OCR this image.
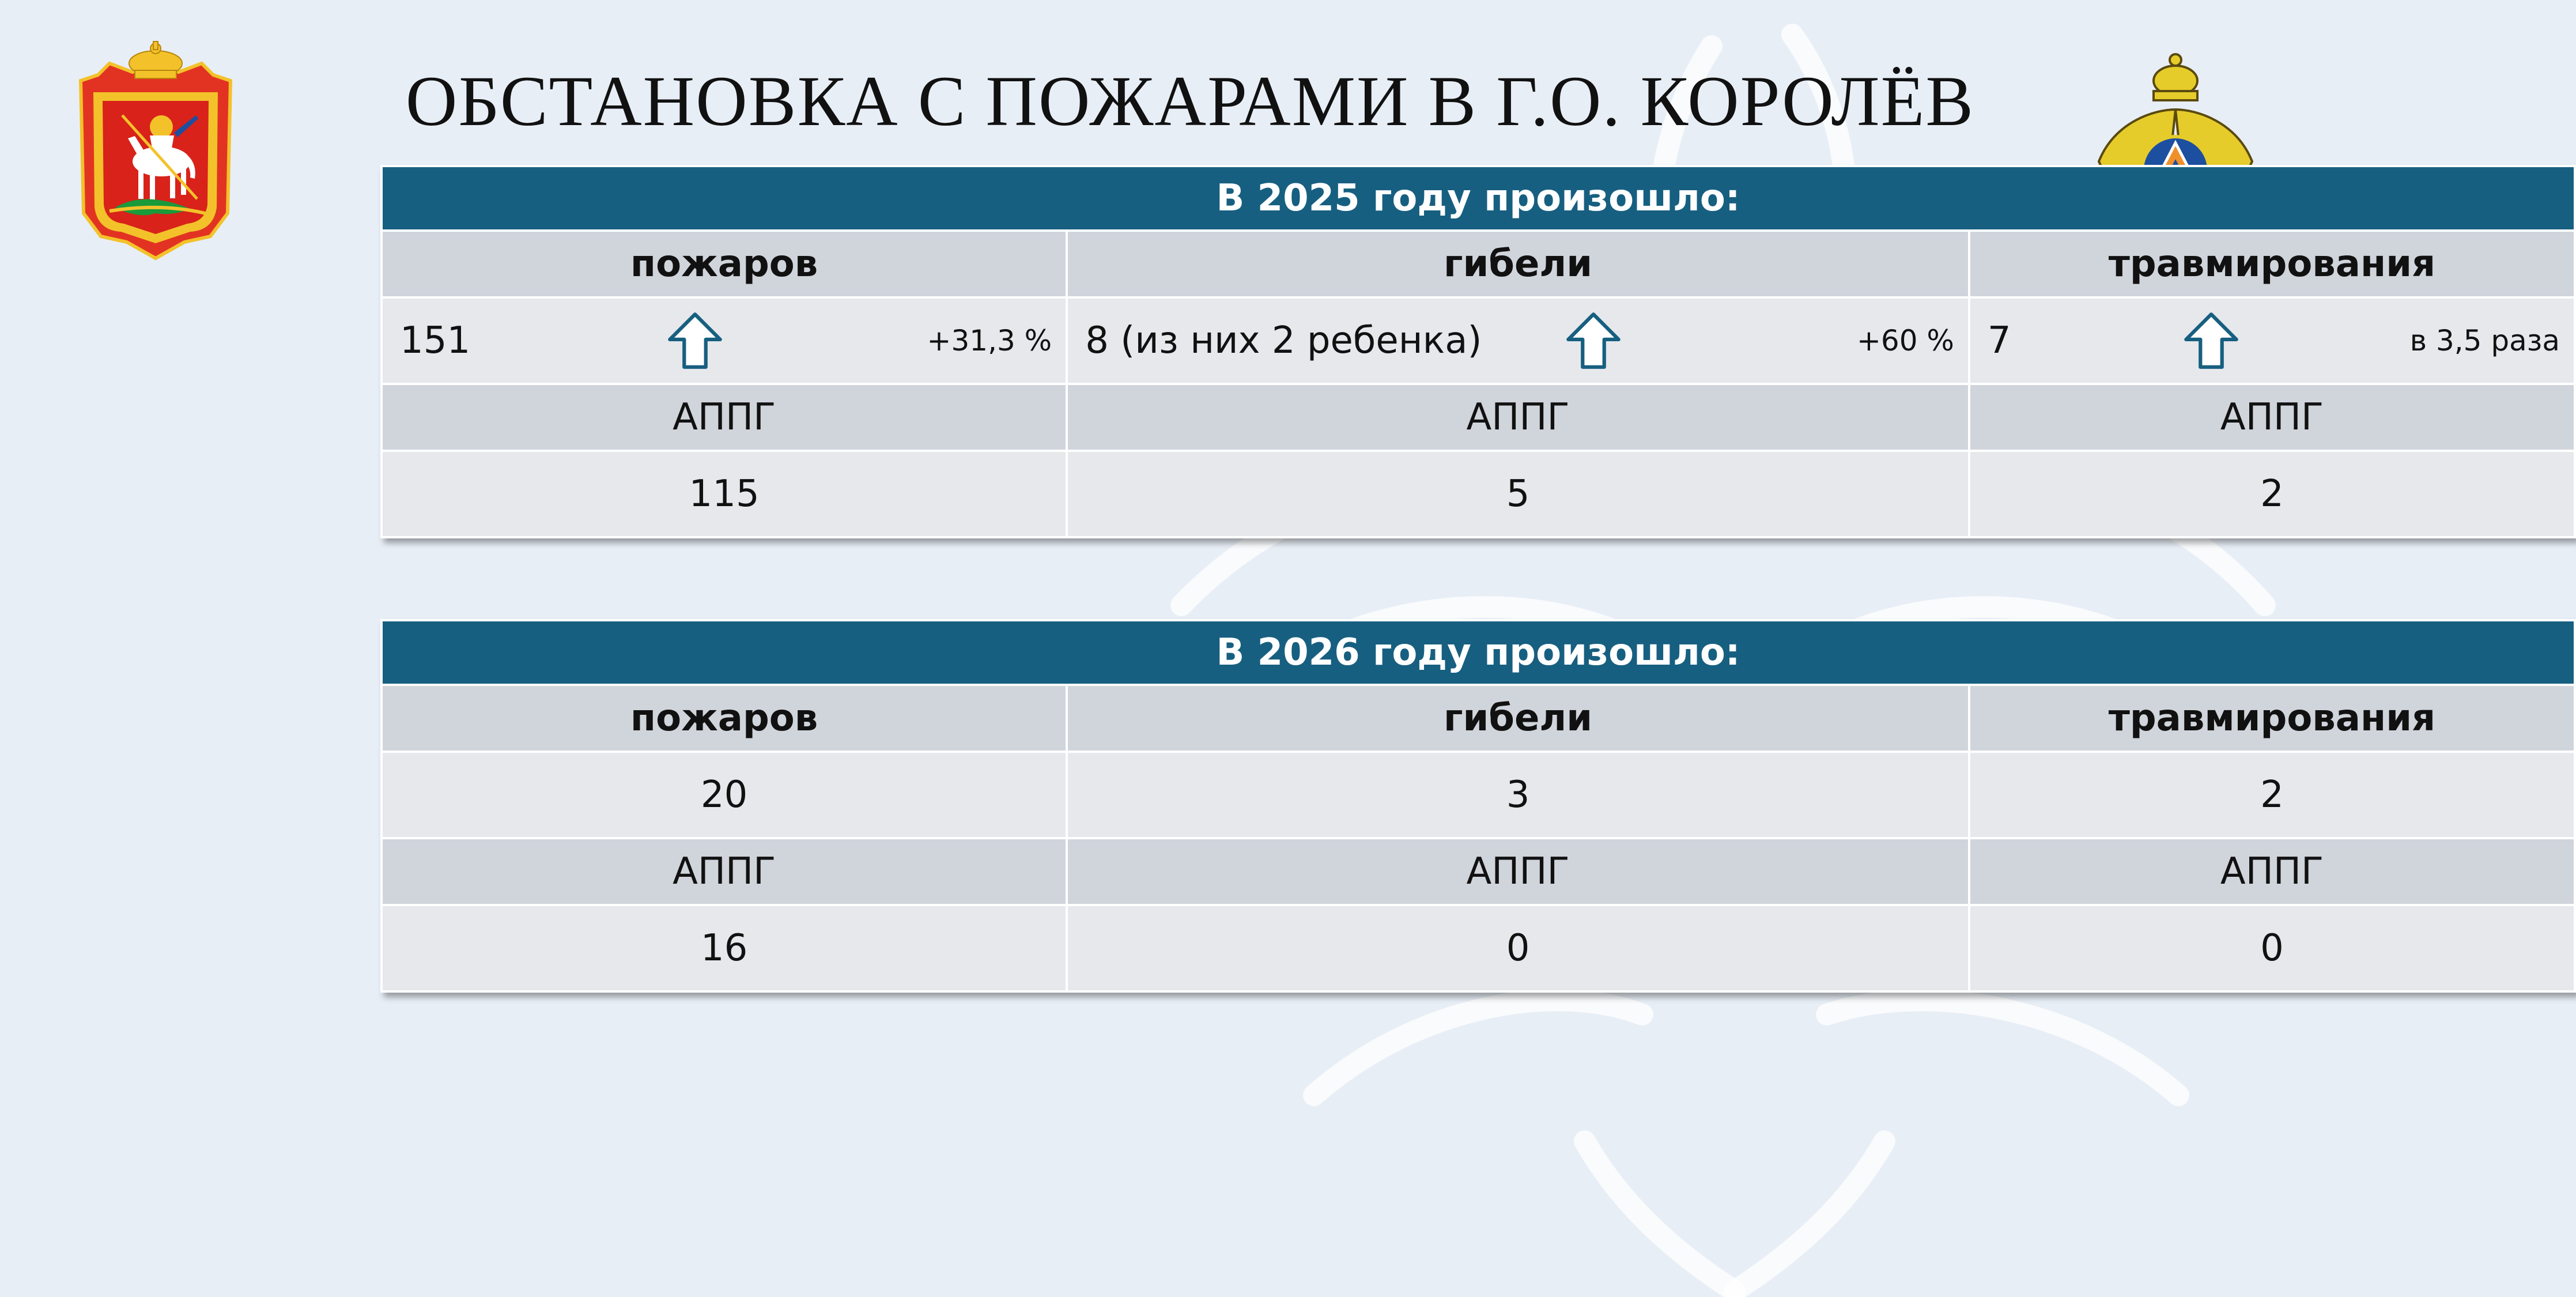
ОБСТАНОВКА С ПОЖАРАМИ В Г.О. КОРОЛЁВ
В 2025 году произошло:		
пожаров	гибели	травмирования

151 +31,3 %	8 (из них 2 ребенка) +60 %	7 в 3,5 раза

АППГ	АППГ	АППГ
115	5	2
В 2026 году произошло:		
пожаров	гибели	травмирования
20	3	2
АППГ	АППГ	АППГ
16	0	0
